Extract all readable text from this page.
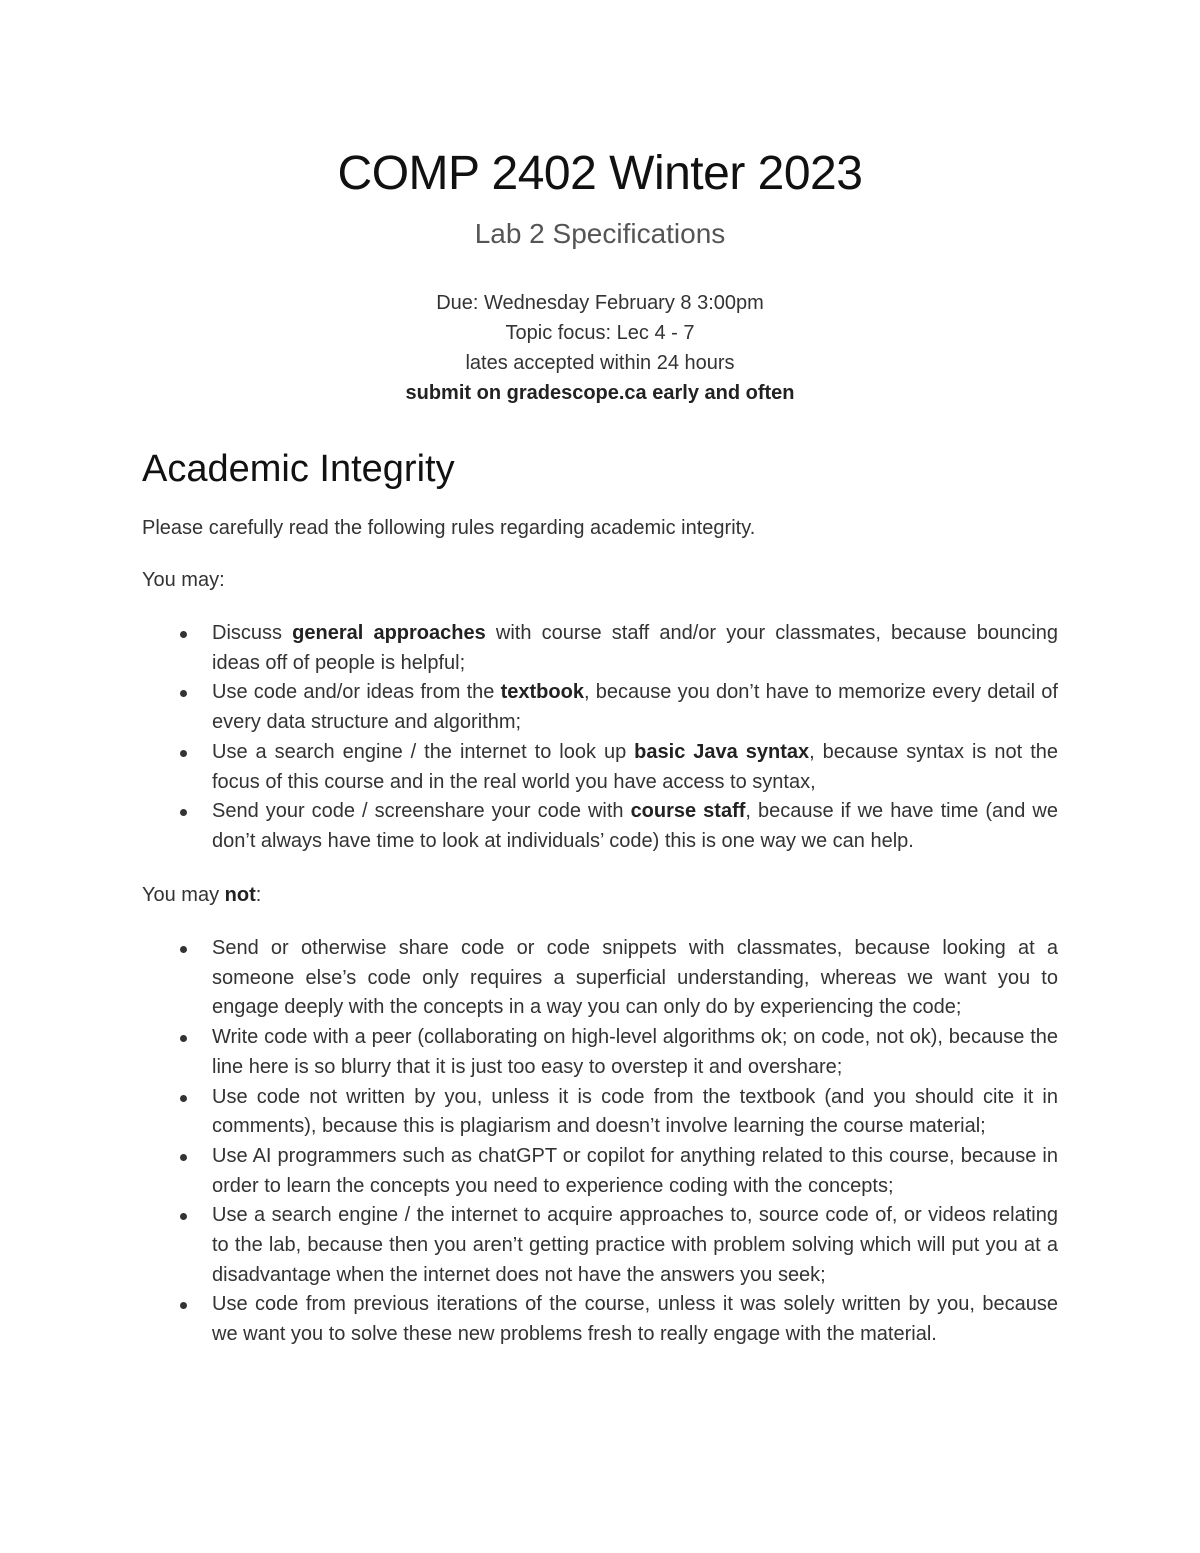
COMP 2402 Winter 2023
Lab 2 Specifications
Due: Wednesday February 8 3:00pm
Topic focus: Lec 4 - 7
lates accepted within 24 hours
submit on gradescope.ca early and often
Academic Integrity

Please carefully read the following rules regarding academic integrity.

You may:

Discuss general approaches with course staff and/or your classmates, because bouncing ideas off of people is helpful;
Use code and/or ideas from the textbook, because you don’t have to memorize every detail of every data structure and algorithm;
Use a search engine / the internet to look up basic Java syntax, because syntax is not the focus of this course and in the real world you have access to syntax,
Send your code / screenshare your code with course staff, because if we have time (and we don’t always have time to look at individuals’ code) this is one way we can help.

You may not:

Send or otherwise share code or code snippets with classmates, because looking at a someone else’s code only requires a superficial understanding, whereas we want you to engage deeply with the concepts in a way you can only do by experiencing the code;
Write code with a peer (collaborating on high-level algorithms ok; on code, not ok), because the line here is so blurry that it is just too easy to overstep it and overshare;
Use code not written by you, unless it is code from the textbook (and you should cite it in comments), because this is plagiarism and doesn’t involve learning the course material;
Use AI programmers such as chatGPT or copilot for anything related to this course, because in order to learn the concepts you need to experience coding with the concepts;
Use a search engine / the internet to acquire approaches to, source code of, or videos relating to the lab, because then you aren’t getting practice with problem solving which will put you at a disadvantage when the internet does not have the answers you seek;
Use code from previous iterations of the course, unless it was solely written by you, because we want you to solve these new problems fresh to really engage with the material.
